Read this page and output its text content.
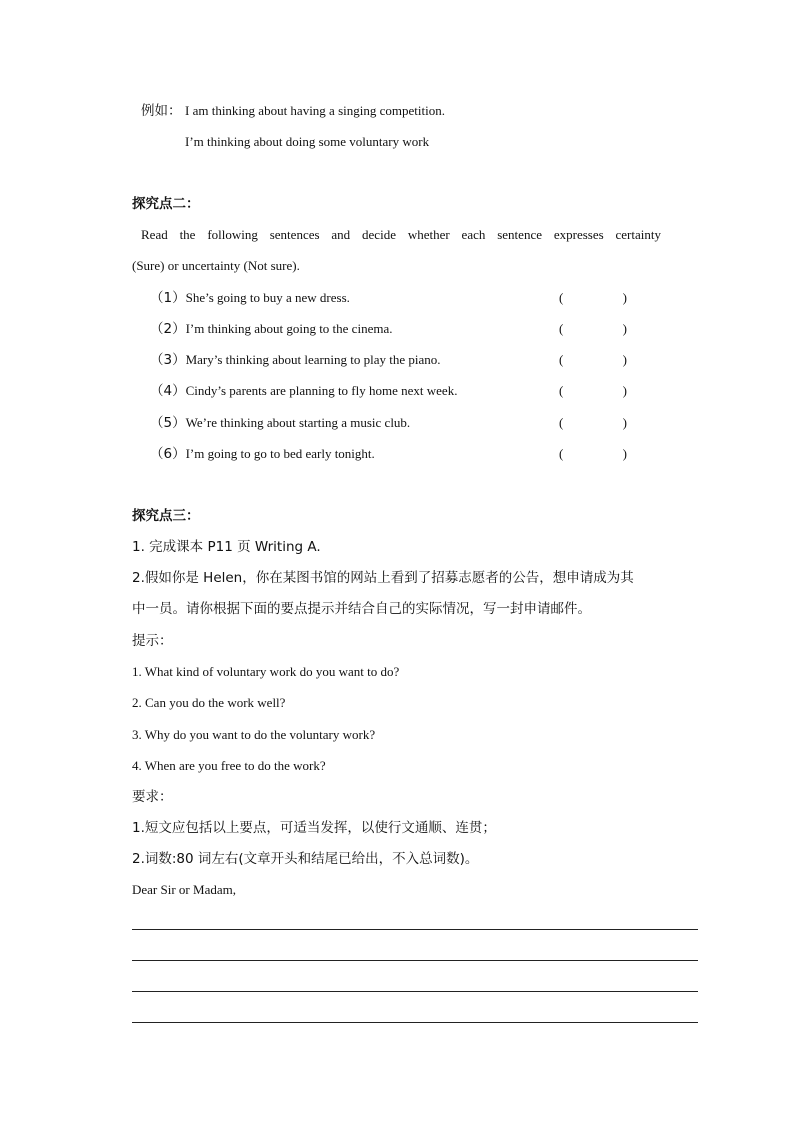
例如： I am thinking about having a singing competition.
I’m thinking about doing some voluntary work
探究点二：
Read the following sentences and decide whether each sentence expresses certainty
(Sure) or uncertainty (Not sure).
（1）She’s going to buy a new dress.	(	)
（2）I’m thinking about going to the cinema.	(	)
（3）Mary’s thinking about learning to play the piano.	(	)
（4）Cindy’s parents are planning to fly home next week.	(	)
（5）We’re thinking about starting a music club.	(	)
（6）I’m going to go to bed early tonight.	(	)
探究点三：
1. 完成课本 P11 页 Writing A.
2.假如你是 Helen，你在某图书馆的网站上看到了招募志愿者的公告，想申请成为其
中一员。请你根据下面的要点提示并结合自己的实际情况，写一封申请邮件。
提示：
1. What kind of voluntary work do you want to do?
2. Can you do the work well?
3. Why do you want to do the voluntary work?
4. When are you free to do the work?
要求：
1.短文应包括以上要点，可适当发挥，以使行文通顺、连贯；
2.词数:80 词左右(文章开头和结尾已给出，不入总词数)。
Dear Sir or Madam,
